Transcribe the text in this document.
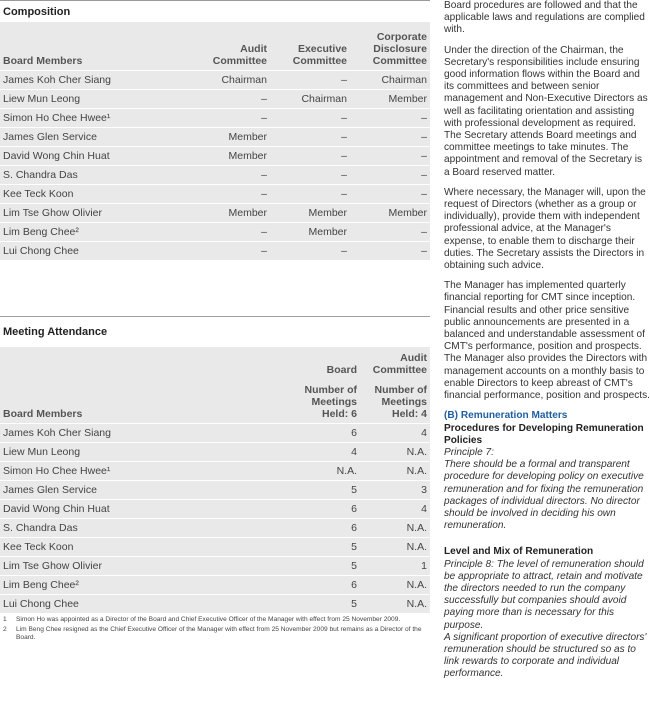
Composition
Board Members	Audit Committee	Executive Committee	Corporate Disclosure Committee
James Koh Cher Siang	Chairman	–	Chairman
Liew Mun Leong	–	Chairman	Member
Simon Ho Chee Hwee¹	–	–	–
James Glen Service	Member	–	–
David Wong Chin Huat	Member	–	–
S. Chandra Das	–	–	–
Kee Teck Koon	–	–	–
Lim Tse Ghow Olivier	Member	Member	Member
Lim Beng Chee²	–	Member	–
Lui Chong Chee	–	–	–
Meeting Attendance
	Board	Audit Committee
Board Members	Number of Meetings Held: 6	Number of Meetings Held: 4
James Koh Cher Siang	6	4
Liew Mun Leong	4	N.A.
Simon Ho Chee Hwee¹	N.A.	N.A.
James Glen Service	5	3
David Wong Chin Huat	6	4
S. Chandra Das	6	N.A.
Kee Teck Koon	5	N.A.
Lim Tse Ghow Olivier	5	1
Lim Beng Chee²	6	N.A.
Lui Chong Chee	5	N.A.
1	Simon Ho was appointed as a Director of the Board and Chief Executive Officer of the Manager with effect from 25 November 2009.
2	Lim Beng Chee resigned as the Chief Executive Officer of the Manager with effect from 25 November 2009 but remains as a Director of the Board.

Board procedures are followed and that the applicable laws and regulations are complied with.

Under the direction of the Chairman, the Secretary's responsibilities include ensuring good information flows within the Board and its committees and between senior management and Non-Executive Directors as well as facilitating orientation and assisting with professional development as required. The Secretary attends Board meetings and committee meetings to take minutes. The appointment and removal of the Secretary is a Board reserved matter.

Where necessary, the Manager will, upon the request of Directors (whether as a group or individually), provide them with independent professional advice, at the Manager's expense, to enable them to discharge their duties. The Secretary assists the Directors in obtaining such advice.

The Manager has implemented quarterly financial reporting for CMT since inception. Financial results and other price sensitive public announcements are presented in a balanced and understandable assessment of CMT's performance, position and prospects. The Manager also provides the Directors with management accounts on a monthly basis to enable Directors to keep abreast of CMT's financial performance, position and prospects.

(B) Remuneration Matters
Procedures for Developing Remuneration Policies
Principle 7:

There should be a formal and transparent procedure for developing policy on executive remuneration and for fixing the remuneration packages of individual directors. No director should be involved in deciding his own remuneration.

Level and Mix of Remuneration
Principle 8: The level of remuneration should be appropriate to attract, retain and motivate the directors needed to run the company successfully but companies should avoid paying more than is necessary for this purpose.
A significant proportion of executive directors' remuneration should be structured so as to link rewards to corporate and individual performance.
